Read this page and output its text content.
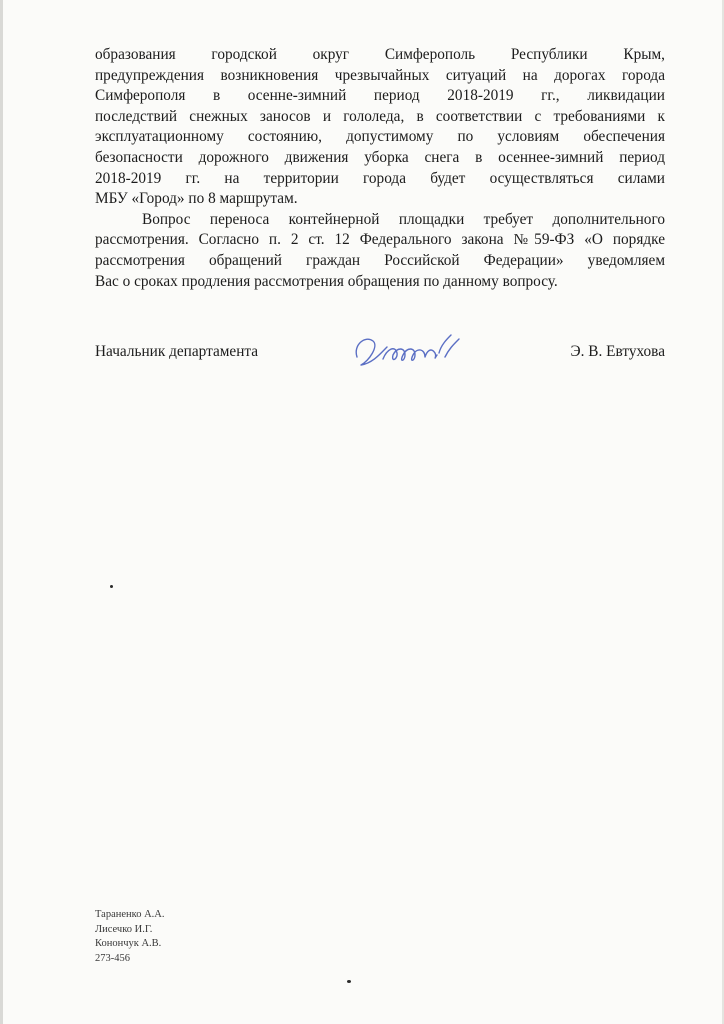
образования городской округ Симферополь Республики Крым,
предупреждения возникновения чрезвычайных ситуаций на дорогах города
Симферополя в осенне-зимний период 2018-2019 гг., ликвидации
последствий снежных заносов и гололеда, в соответствии с требованиями к
эксплуатационному состоянию, допустимому по условиям обеспечения
безопасности дорожного движения уборка снега в осеннее-зимний период
2018-2019 гг. на территории города будет осуществляться силами
МБУ «Город» по 8 маршрутам.
Вопрос переноса контейнерной площадки требует дополнительного
рассмотрения. Согласно п. 2 ст. 12 Федерального закона №59-ФЗ «О порядке
рассмотрения обращений граждан Российской Федерации» уведомляем
Вас о сроках продления рассмотрения обращения по данному вопросу.
Начальник департамента	Э. В. Евтухова
Тараненко А.А.
Лисечко И.Г.
Конончук А.В.
273-456
